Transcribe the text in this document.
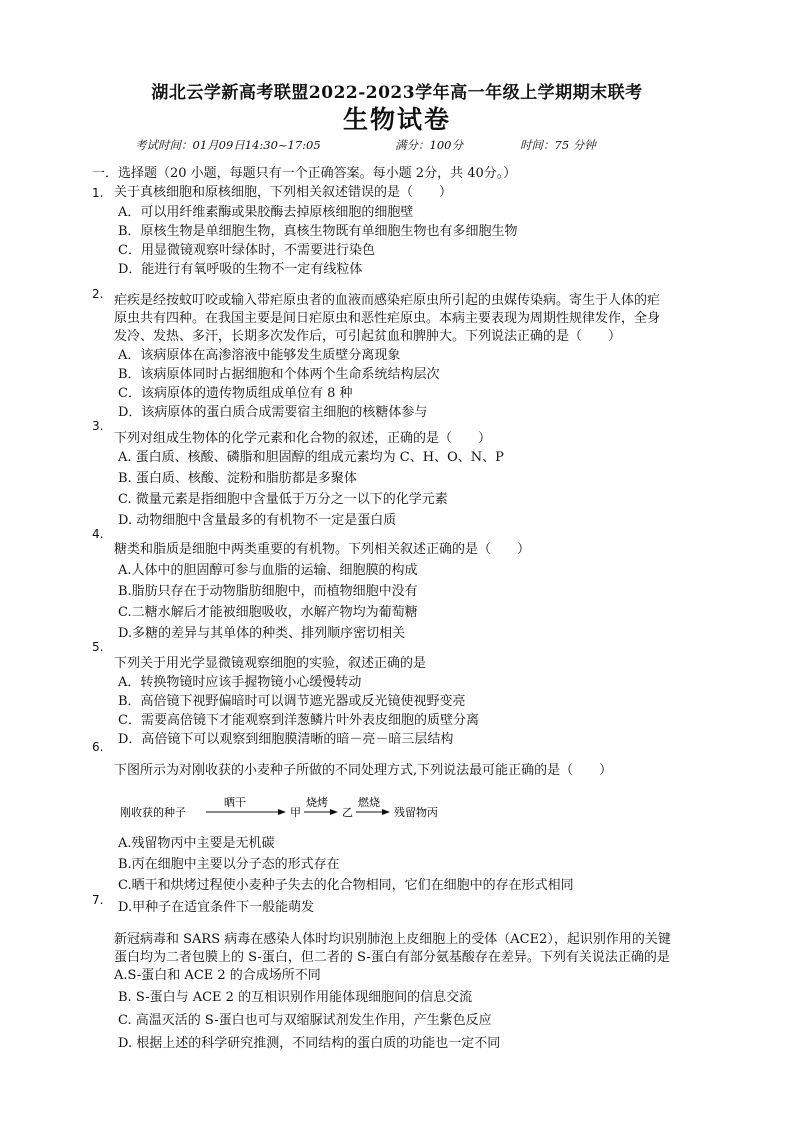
湖北云学新高考联盟2022-2023学年高一年级上学期期末联考
生物试卷
考试时间：01月09日14:30~17:05	满分：100分	时间：75 分钟
一．选择题（20 小题，每题只有一个正确答案。每小题 2分，共 40分。）
1. 关于真核细胞和原核细胞，下列相关叙述错误的是（　　）
A．可以用纤维素酶或果胶酶去掉原核细胞的细胞壁
B．原核生物是单细胞生物，真核生物既有单细胞生物也有多细胞生物
C．用显微镜观察叶绿体时，不需要进行染色
D．能进行有氧呼吸的生物不一定有线粒体
2. 疟疾是经按蚊叮咬或输入带疟原虫者的血液而感染疟原虫所引起的虫媒传染病。寄生于人体的疟
原虫共有四种。在我国主要是间日疟原虫和恶性疟原虫。本病主要表现为周期性规律发作，全身
发冷、发热、多汗，长期多次发作后，可引起贫血和脾肿大。下列说法正确的是（　　）
A．该病原体在高渗溶液中能够发生质壁分离现象
B．该病原体同时占据细胞和个体两个生命系统结构层次
C．该病原体的遗传物质组成单位有 8 种
D．该病原体的蛋白质合成需要宿主细胞的核糖体参与
3.
下列对组成生物体的化学元素和化合物的叙述，正确的是（　　）
A. 蛋白质、核酸、磷脂和胆固醇的组成元素均为 C、H、O、N、P
B. 蛋白质、核酸、淀粉和脂肪都是多聚体
C. 微量元素是指细胞中含量低于万分之一以下的化学元素
D. 动物细胞中含量最多的有机物不一定是蛋白质
4.
糖类和脂质是细胞中两类重要的有机物。下列相关叙述正确的是（　　）
A.人体中的胆固醇可参与血脂的运输、细胞膜的构成
B.脂肪只存在于动物脂肪细胞中，而植物细胞中没有
C.二糖水解后才能被细胞吸收，水解产物均为葡萄糖
D.多糖的差异与其单体的种类、排列顺序密切相关
5.
下列关于用光学显微镜观察细胞的实验，叙述正确的是
A．转换物镜时应该手握物镜小心缓慢转动
B．高倍镜下视野偏暗时可以调节遮光器或反光镜使视野变亮
C．需要高倍镜下才能观察到洋葱鳞片叶外表皮细胞的质壁分离
D．高倍镜下可以观察到细胞膜清晰的暗－亮－暗三层结构
6.
下图所示为对刚收获的小麦种子所做的不同处理方式,下列说法最可能正确的是（　　）
刚收获的种子
晒干
甲
烧烤
乙
燃烧
残留物丙
A.残留物丙中主要是无机碳
B.丙在细胞中主要以分子态的形式存在
C.晒干和烘烤过程使小麦种子失去的化合物相同，它们在细胞中的存在形式相同
D.甲种子在适宜条件下一般能萌发
7.
新冠病毒和 SARS 病毒在感染人体时均识别肺泡上皮细胞上的受体（ACE2），起识别作用的关键
蛋白均为二者包膜上的 S-蛋白，但二者的 S-蛋白有部分氨基酸存在差异。下列有关说法正确的是
A.S-蛋白和 ACE 2 的合成场所不同
B. S-蛋白与 ACE 2 的互相识别作用能体现细胞间的信息交流
C. 高温灭活的 S-蛋白也可与双缩脲试剂发生作用，产生紫色反应
D. 根据上述的科学研究推测，不同结构的蛋白质的功能也一定不同
